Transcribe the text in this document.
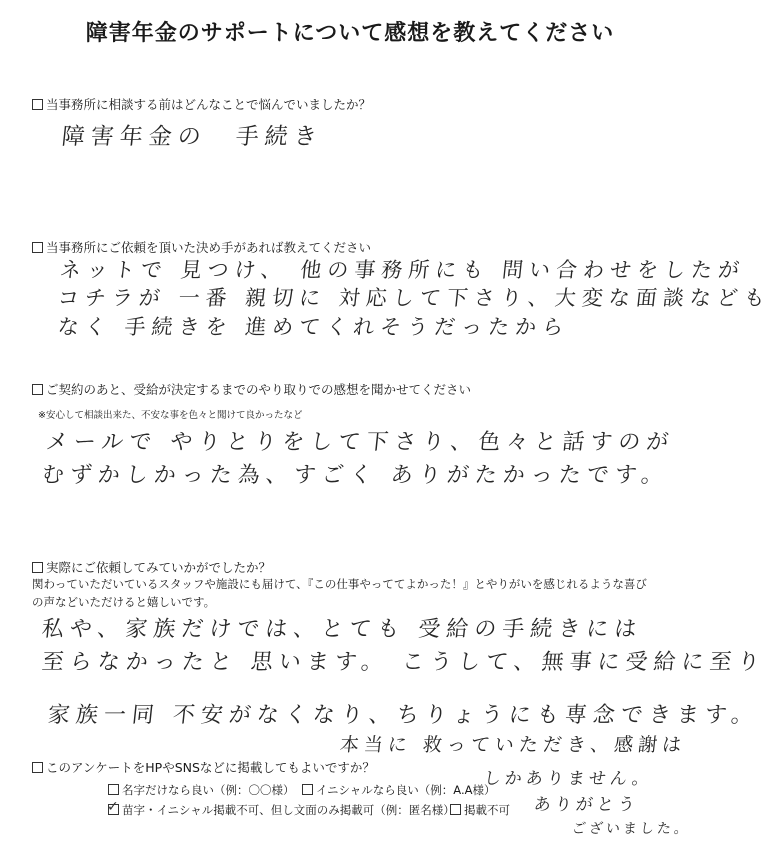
障害年金のサポートについて感想を教えてください
当事務所に相談する前はどんなことで悩んでいましたか？
障害年金の　手続き
当事務所にご依頼を頂いた決め手があれば教えてください
ネットで 見つけ、 他の事務所にも 問い合わせをしたが
コチラが 一番 親切に 対応して下さり、大変な面談なども
なく 手続きを 進めてくれそうだったから
ご契約のあと、受給が決定するまでのやり取りでの感想を聞かせてください
※安心して相談出来た、不安な事を色々と聞けて良かったなど
メールで やりとりをして下さり、色々と話すのが
むずかしかった為、すごく ありがたかったです。
実際にご依頼してみていかがでしたか？
関わっていただいているスタッフや施設にも届けて、『この仕事やっててよかった！』とやりがいを感じれるような喜び
の声などいただけると嬉しいです。
私や、家族だけでは、とても 受給の手続きには
至らなかったと 思います。 こうして、無事に受給に至り
家族一同 不安がなくなり、ちりょうにも専念できます。
本当に 救っていただき、感謝は
しかありません。
ありがとう
ございました。
このアンケートをHPやSNSなどに掲載してもよいですか？
名字だけなら良い（例：〇〇様）	イニシャルなら良い（例：A.A様）
✓ 苗字・イニシャル掲載不可、但し文面のみ掲載可（例：匿名様） 掲載不可
